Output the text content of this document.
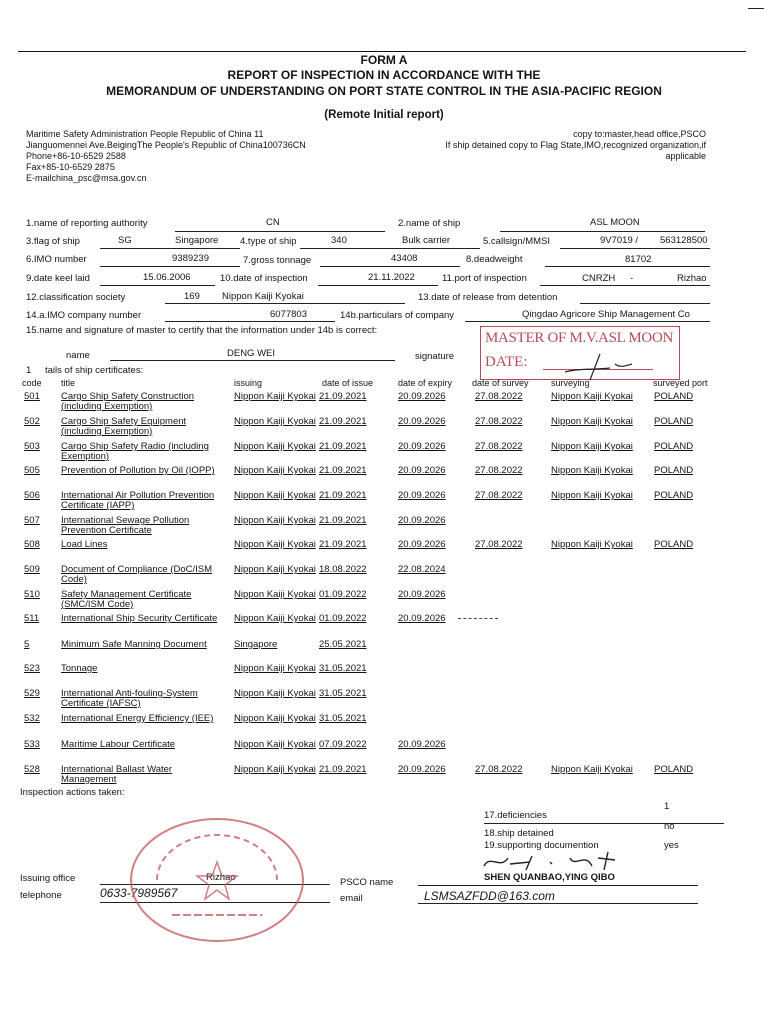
FORM A
REPORT OF INSPECTION IN ACCORDANCE WITH THE
MEMORANDUM OF UNDERSTANDING ON PORT STATE CONTROL IN THE ASIA-PACIFIC REGION
(Remote Initial report)
Maritime Safety Administration People Republic of China 11
Jianguomennei Ave.BeigingThe People's Republic of China100736CN
Phone+86-10-6529 2588
Fax+85-10-6529 2875
E-mailchina_psc@msa.gov.cn
copy to:master,head office,PSCO
If ship detained copy to Flag State,IMO,recognized organization,if
applicable
1.name of reporting authority	CN	2.name of ship	ASL MOON
3.flag of ship	SG	Singapore 4.type of ship	340	Bulk carrier	5.callsign/MMSI	9V7019 / 563128500
6.IMO number	9389239	7.gross tonnage	43408	8.deadweight	81702
9.date keel laid	15.06.2006	10.date of inspection	21.11.2022	11.port of inspection	CNRZH -	Rizhao
12.classification society	169 Nippon Kaiji Kyokai	13.date of release from detention
14.a.IMO company number	6077803	14b.particulars of company	Qingdao Agricore Ship Management Co
15.name and signature of master to certify that the information under 14b is correct:
name	DENG WEI	signature
MASTER OF M.V.ASL MOON
DATE:
1 tails of ship certificates:
code title	issuing	date of issue	date of expiry date of survey surveying	surveyed port
501 Cargo Ship Safety Construction	Nippon Kaiji Kyokai 21.09.2021	20.09.2026	27.08.2022	Nippon Kaiji Kyokai POLAND
(including Exemption)
502 Cargo Ship Safety Equipment	Nippon Kaiji Kyokai 21.09.2021	20.09.2026	27.08.2022	Nippon Kaiji Kyokai POLAND
(including Exemption)
503 Cargo Ship Safety Radio (including	Nippon Kaiji Kyokai 21.09.2021	20.09.2026	27.08.2022	Nippon Kaiji Kyokai POLAND
Exemption)
505 Prevention of Pollution by Oil (IOPP) Nippon Kaiji Kyokai 21.09.2021	20.09.2026	27.08.2022	Nippon Kaiji Kyokai POLAND
506 International Air Pollution Prevention Nippon Kaiji Kyokai 21.09.2021	20.09.2026	27.08.2022	Nippon Kaiji Kyokai POLAND
Certificate (IAPP)
507 International Sewage Pollution	Nippon Kaiji Kyokai 21.09.2021	20.09.2026
Prevention Certificate
508 Load Lines	Nippon Kaiji Kyokai 21.09.2021	20.09.2026	27.08.2022	Nippon Kaiji Kyokai POLAND
509 Document of Compliance (DoC/ISM Nippon Kaiji Kyokai 18.08.2022	22.08.2024
Code)
510 Safety Management Certificate	Nippon Kaiji Kyokai 01.09.2022	20.09.2026
(SMC/ISM Code)
511 International Ship Security Certificate Nippon Kaiji Kyokai 01.09.2022	20.09.2026
5	Minimum Safe Manning Document	Singapore	25.05.2021
523 Tonnage	Nippon Kaiji Kyokai 31.05.2021
529 International Anti-fouling-System	Nippon Kaiji Kyokai 31.05.2021
Certificate (IAFSC)
532 International Energy Efficiency (IEE) Nippon Kaiji Kyokai 31.05.2021
533 Maritime Labour Certificate	Nippon Kaiji Kyokai 07.09.2022	20.09.2026
528 International Ballast Water	Nippon Kaiji Kyokai 21.09.2021	20.09.2026	27.08.2022	Nippon Kaiji Kyokai POLAND
Management
Inspection actions taken:
17.deficiencies
1
18.ship detained
no
19.supporting documention	yes
SHEN QUANBAO,YING QIBO
Issuing office	Rizhao
telephone	0633-7989567
PSCO name
email	LSMSAZFDD@163.com
